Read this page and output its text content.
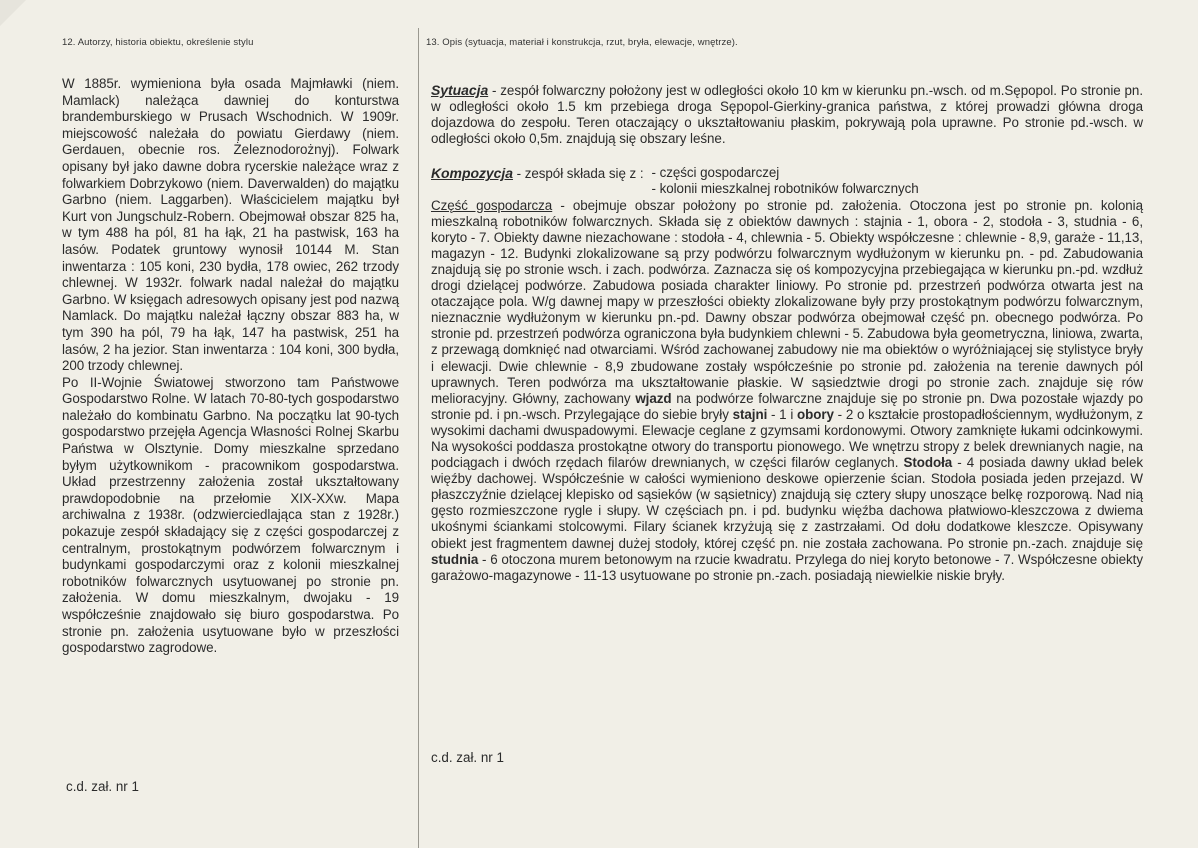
12. Autorzy, historia obiektu, określenie stylu	13. Opis (sytuacja, materiał i konstrukcja, rzut, bryła, elewacje, wnętrze).

W 1885r. wymieniona była osada Majmławki (niem. Mamlack) należąca dawniej do konturstwa brandemburskiego w Prusach Wschodnich. W 1909r. miejscowość należała do powiatu Gierdawy (niem. Gerdauen, obecnie ros. Żeleznodorożnyj). Folwark opisany był jako dawne dobra rycerskie należące wraz z folwarkiem Dobrzykowo (niem. Daverwalden) do majątku Garbno (niem. Laggarben). Właścicielem majątku był Kurt von Jungschulz-Robern. Obejmował obszar 825 ha, w tym 488 ha pól, 81 ha łąk, 21 ha pastwisk, 163 ha lasów. Podatek gruntowy wynosił 10144 M. Stan inwentarza : 105 koni, 230 bydła, 178 owiec, 262 trzody chlewnej. W 1932r. folwark nadal należał do majątku Garbno. W księgach adresowych opisany jest pod nazwą Namlack. Do majątku należał łączny obszar 883 ha, w tym 390 ha pól, 79 ha łąk, 147 ha pastwisk, 251 ha lasów, 2 ha jezior. Stan inwentarza : 104 koni, 300 bydła, 200 trzody chlewnej.

Po II-Wojnie Światowej stworzono tam Państwowe Gospodarstwo Rolne. W latach 70-80-tych gospodarstwo należało do kombinatu Garbno. Na początku lat 90-tych gospodarstwo przejęła Agencja Własności Rolnej Skarbu Państwa w Olsztynie. Domy mieszkalne sprzedano byłym użytkownikom - pracownikom gospodarstwa. Układ przestrzenny założenia został ukształtowany prawdopodobnie na przełomie XIX-XXw. Mapa archiwalna z 1938r. (odzwierciedlająca stan z 1928r.) pokazuje zespół składający się z części gospodarczej z centralnym, prostokątnym podwórzem folwarcznym i budynkami gospodarczymi oraz z kolonii mieszkalnej robotników folwarcznych usytuowanej po stronie pn. założenia. W domu mieszkalnym, dwojaku - 19 współcześnie znajdowało się biuro gospodarstwa. Po stronie pn. założenia usytuowane było w przeszłości gospodarstwo zagrodowe.

c.d. zał. nr 1

Sytuacja - zespół folwarczny położony jest w odległości około 10 km w kierunku pn.-wsch. od m.Sępopol. Po stronie pn. w odległości około 1.5 km przebiega droga Sępopol-Gierkiny-granica państwa, z której prowadzi główna droga dojazdowa do zespołu. Teren otaczający o ukształtowaniu płaskim, pokrywają pola uprawne. Po stronie pd.-wsch. w odległości około 0,5m. znajdują się obszary leśne.

Kompozycja - zespół składa się z : - części gospodarczej
- kolonii mieszkalnej robotników folwarcznych

Część gospodarcza - obejmuje obszar położony po stronie pd. założenia. Otoczona jest po stronie pn. kolonią mieszkalną robotników folwarcznych. Składa się z obiektów dawnych : stajnia - 1, obora - 2, stodoła - 3, studnia - 6, koryto - 7. Obiekty dawne niezachowane : stodoła - 4, chlewnia - 5. Obiekty współczesne : chlewnie - 8,9, garaże - 11,13, magazyn - 12. Budynki zlokalizowane są przy podwórzu folwarcznym wydłużonym w kierunku pn. - pd. Zabudowania znajdują się po stronie wsch. i zach. podwórza. Zaznacza się oś kompozycyjna przebiegająca w kierunku pn.-pd. wzdłuż drogi dzielącej podwórze. Zabudowa posiada charakter liniowy. Po stronie pd. przestrzeń podwórza otwarta jest na otaczające pola. W/g dawnej mapy w przeszłości obiekty zlokalizowane były przy prostokątnym podwórzu folwarcznym, nieznacznie wydłużonym w kierunku pn.-pd. Dawny obszar podwórza obejmował część pn. obecnego podwórza. Po stronie pd. przestrzeń podwórza ograniczona była budynkiem chlewni - 5. Zabudowa była geometryczna, liniowa, zwarta, z przewagą domknięć nad otwarciami. Wśród zachowanej zabudowy nie ma obiektów o wyróżniającej się stylistyce bryły i elewacji. Dwie chlewnie - 8,9 zbudowane zostały współcześnie po stronie pd. założenia na terenie dawnych pól uprawnych. Teren podwórza ma ukształtowanie płaskie. W sąsiedztwie drogi po stronie zach. znajduje się rów melioracyjny. Główny, zachowany wjazd na podwórze folwarczne znajduje się po stronie pn. Dwa pozostałe wjazdy po stronie pd. i pn.-wsch. Przylegające do siebie bryły stajni - 1 i obory - 2 o kształcie prostopadłościennym, wydłużonym, z wysokimi dachami dwuspadowymi. Elewacje ceglane z gzymsami kordonowymi. Otwory zamknięte łukami odcinkowymi. Na wysokości poddasza prostokątne otwory do transportu pionowego. We wnętrzu stropy z belek drewnianych nagie, na podciągach i dwóch rzędach filarów drewnianych, w części filarów ceglanych. Stodoła - 4 posiada dawny układ belek więźby dachowej. Współcześnie w całości wymieniono deskowe opierzenie ścian. Stodoła posiada jeden przejazd. W płaszczyźnie dzielącej klepisko od sąsieków (w sąsietnicy) znajdują się cztery słupy unoszące belkę rozporową. Nad nią gęsto rozmieszczone rygle i słupy. W częściach pn. i pd. budynku więźba dachowa płatwiowo-kleszczowa z dwiema ukośnymi ściankami stolcowymi. Filary ścianek krzyżują się z zastrzałami. Od dołu dodatkowe kleszcze. Opisywany obiekt jest fragmentem dawnej dużej stodoły, której część pn. nie została zachowana. Po stronie pn.-zach. znajduje się studnia - 6 otoczona murem betonowym na rzucie kwadratu. Przylega do niej koryto betonowe - 7. Współczesne obiekty garażowo-magazynowe - 11-13 usytuowane po stronie pn.-zach. posiadają niewielkie niskie bryły.

c.d. zał. nr 1
